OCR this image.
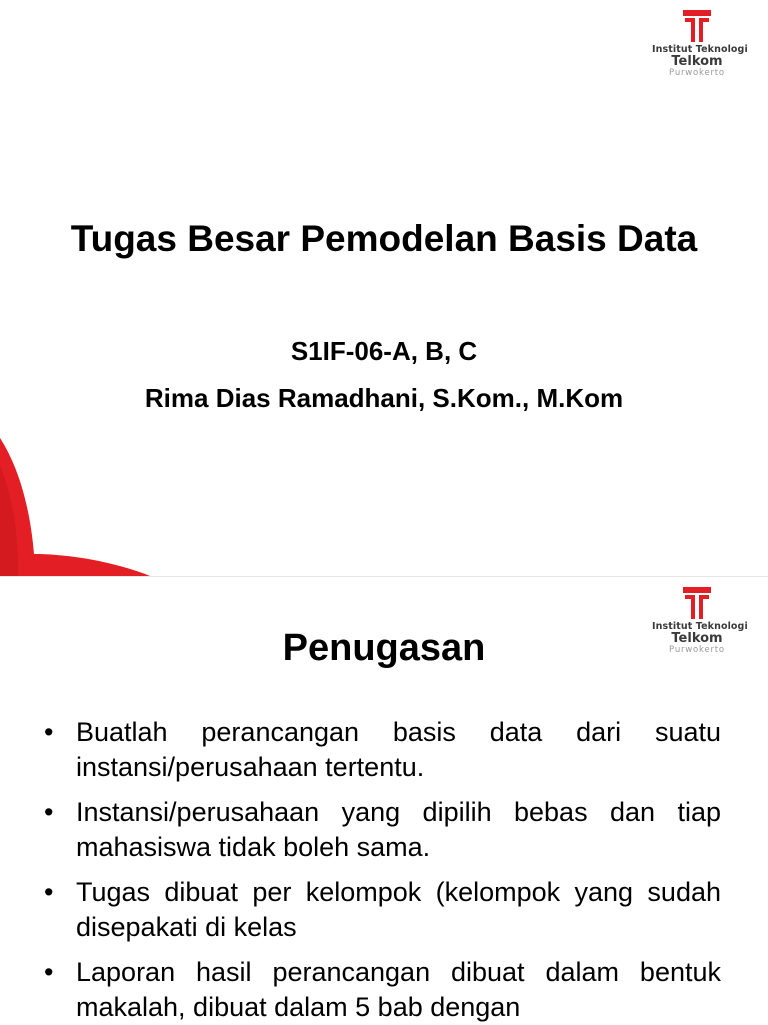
Institut Teknologi
Telkom
Purwokerto
Tugas Besar Pemodelan Basis Data
S1IF-06-A, B, C
Rima Dias Ramadhani, S.Kom., M.Kom
Institut Teknologi
Telkom
Purwokerto
Penugasan
• Buatlah perancangan basis data dari suatu instansi/perusahaan tertentu.
• Instansi/perusahaan yang dipilih bebas dan tiap mahasiswa tidak boleh sama.
• Tugas dibuat per kelompok (kelompok yang sudah disepakati di kelas
• Laporan hasil perancangan dibuat dalam bentuk makalah, dibuat dalam 5 bab dengan
